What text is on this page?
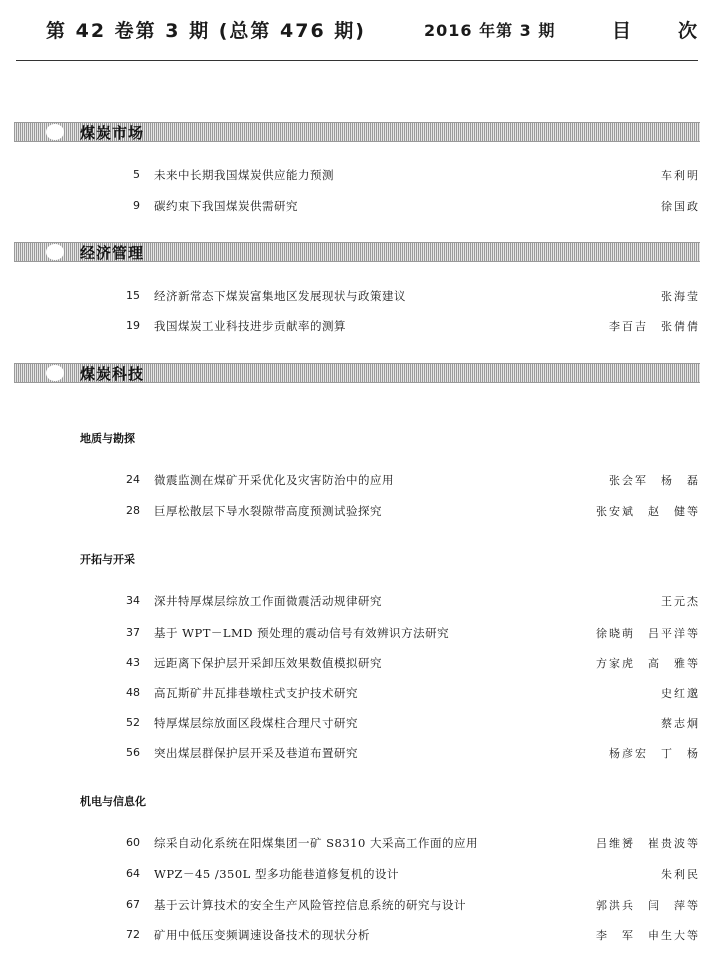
第 42 卷第 3 期 (总第 476 期)	2016 年第 3 期	目 次
煤炭市场
5 未来中长期我国煤炭供应能力预测	车利明
9 碳约束下我国煤炭供需研究	徐国政
经济管理
15 经济新常态下煤炭富集地区发展现状与政策建议	张海莹
19 我国煤炭工业科技进步贡献率的测算	李百吉　张倩倩
煤炭科技
地质与勘探
24 微震监测在煤矿开采优化及灾害防治中的应用	张会军　杨　磊
28 巨厚松散层下导水裂隙带高度预测试验探究	张安斌　赵　健等
开拓与开采
34 深井特厚煤层综放工作面微震活动规律研究	王元杰
37 基于 WPT－LMD 预处理的震动信号有效辨识方法研究	徐晓萌　吕平洋等
43 远距离下保护层开采卸压效果数值模拟研究	方家虎　高　雅等
48 高瓦斯矿井瓦排巷墩柱式支护技术研究	史红邈
52 特厚煤层综放面区段煤柱合理尺寸研究	蔡志炯
56 突出煤层群保护层开采及巷道布置研究	杨彦宏　丁　杨
机电与信息化
60 综采自动化系统在阳煤集团一矿 S8310 大采高工作面的应用	吕维赟　崔贵波等
64 WPZ－45 /350L 型多功能巷道修复机的设计	朱利民
67 基于云计算技术的安全生产风险管控信息系统的研究与设计	郭洪兵　闫　萍等
72 矿用中低压变频调速设备技术的现状分析	李　军　申生大等
